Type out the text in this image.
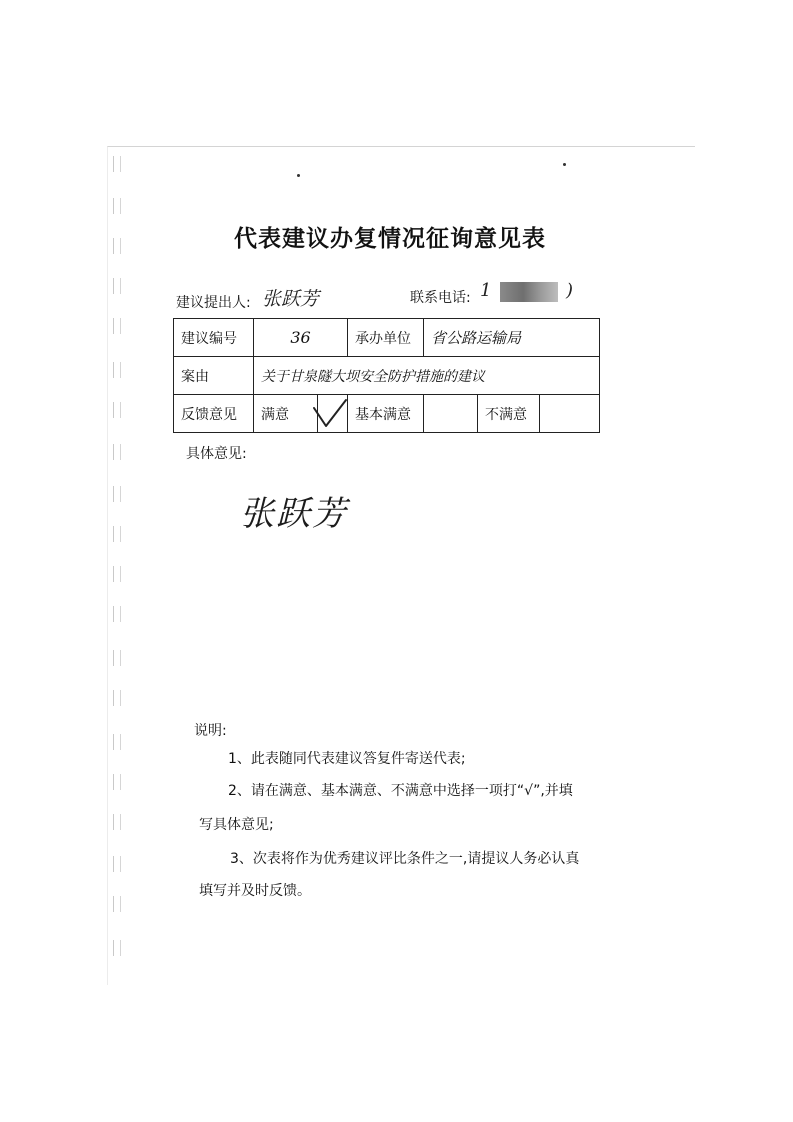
代表建议办复情况征询意见表
建议提出人: 张跃芳	联系电话: 1	)
建议编号	36		承办单位	省公路运输局		
案由	关于甘泉隧大坝安全防护措施的建议					
反馈意见	满意		基本满意		不满意	
具体意见:
张跃芳
说明:
1、此表随同代表建议答复件寄送代表;
2、请在满意、基本满意、不满意中选择一项打“√”,并填
写具体意见;
3、次表将作为优秀建议评比条件之一,请提议人务必认真
填写并及时反馈。
